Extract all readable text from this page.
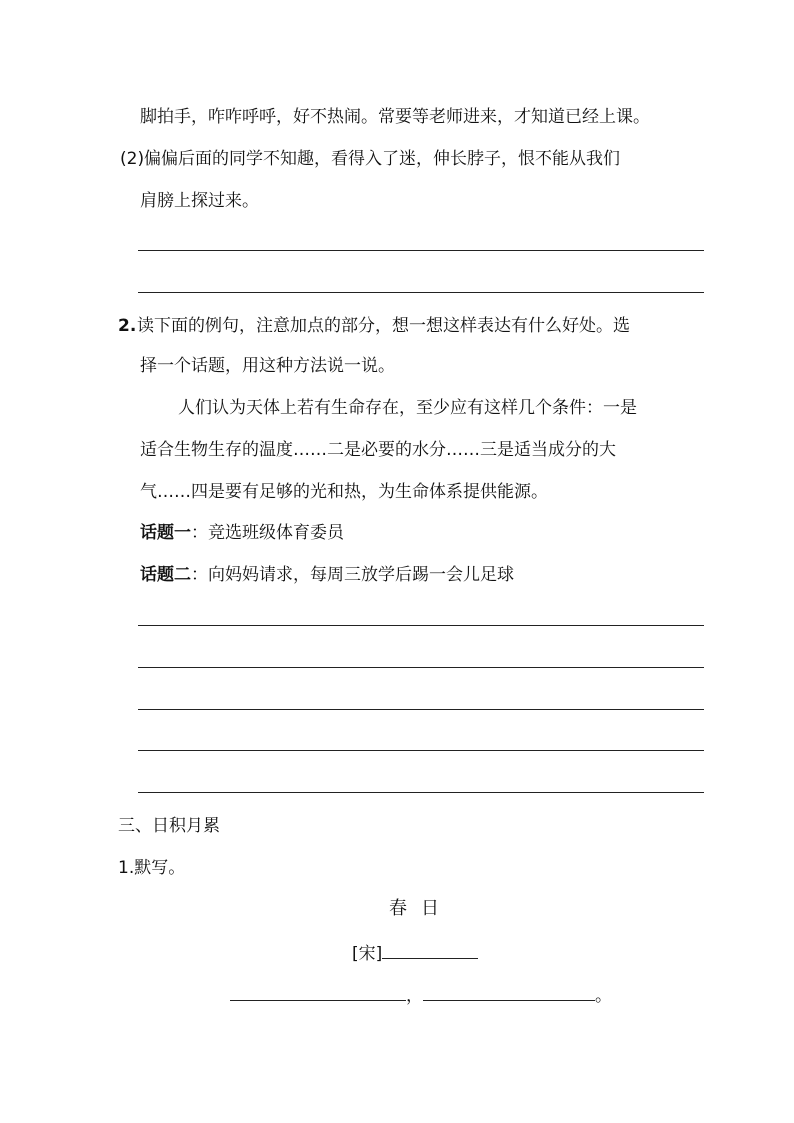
脚拍手，咋咋呼呼，好不热闹。常要等老师进来，才知道已经上课。
(2) 偏偏后面的同学不知趣，看得入了迷，伸长脖子，恨不能从我们
肩膀上探过来。
2. 读下面的例句，注意加点的部分，想一想这样表达有什么好处。选
择一个话题，用这种方法说一说。
人们认为天体上若有生命存在，至少应有这样几个条件：一是
适合生物生存的温度……二是必要的水分……三是适当成分的大
气……四是要有足够的光和热，为生命体系提供能源。
话题一：竞选班级体育委员
话题二：向妈妈请求，每周三放学后踢一会儿足球
三、日积月累
1.默写。
春日
[宋]
，	。
